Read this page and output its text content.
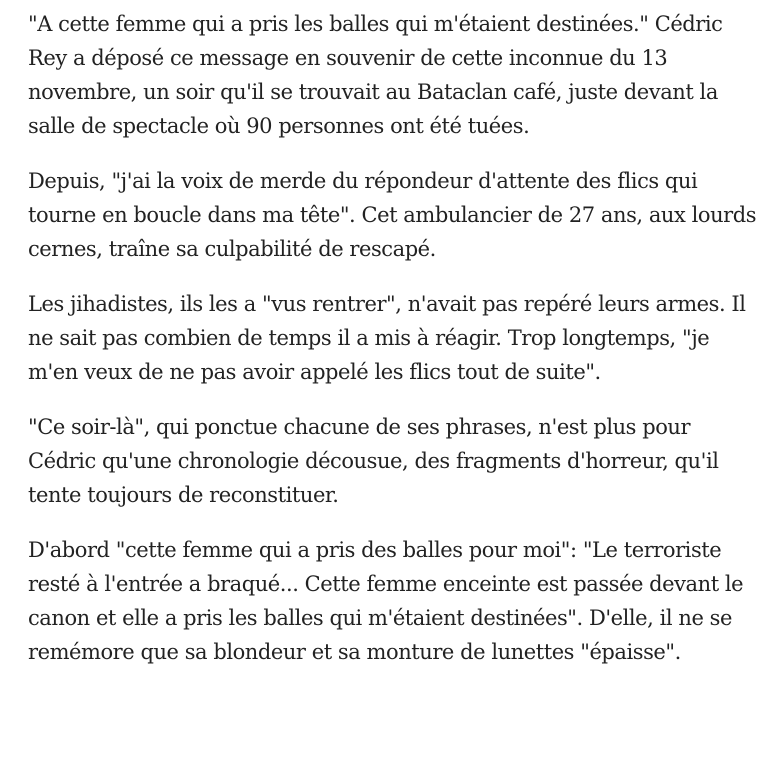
"A cette femme qui a pris les balles qui m'étaient destinées." Cédric Rey a déposé ce message en souvenir de cette inconnue du 13 novembre, un soir qu'il se trouvait au Bataclan café, juste devant la salle de spectacle où 90 personnes ont été tuées.

Depuis, "j'ai la voix de merde du répondeur d'attente des flics qui tourne en boucle dans ma tête". Cet ambulancier de 27 ans, aux lourds cernes, traîne sa culpabilité de rescapé.

Les jihadistes, ils les a "vus rentrer", n'avait pas repéré leurs armes. Il ne sait pas combien de temps il a mis à réagir. Trop longtemps, "je m'en veux de ne pas avoir appelé les flics tout de suite".

"Ce soir-là", qui ponctue chacune de ses phrases, n'est plus pour Cédric qu'une chronologie décousue, des fragments d'horreur, qu'il tente toujours de reconstituer.

D'abord "cette femme qui a pris des balles pour moi": "Le terroriste resté à l'entrée a braqué... Cette femme enceinte est passée devant le canon et elle a pris les balles qui m'étaient destinées". D'elle, il ne se remémore que sa blondeur et sa monture de lunettes "épaisse".
